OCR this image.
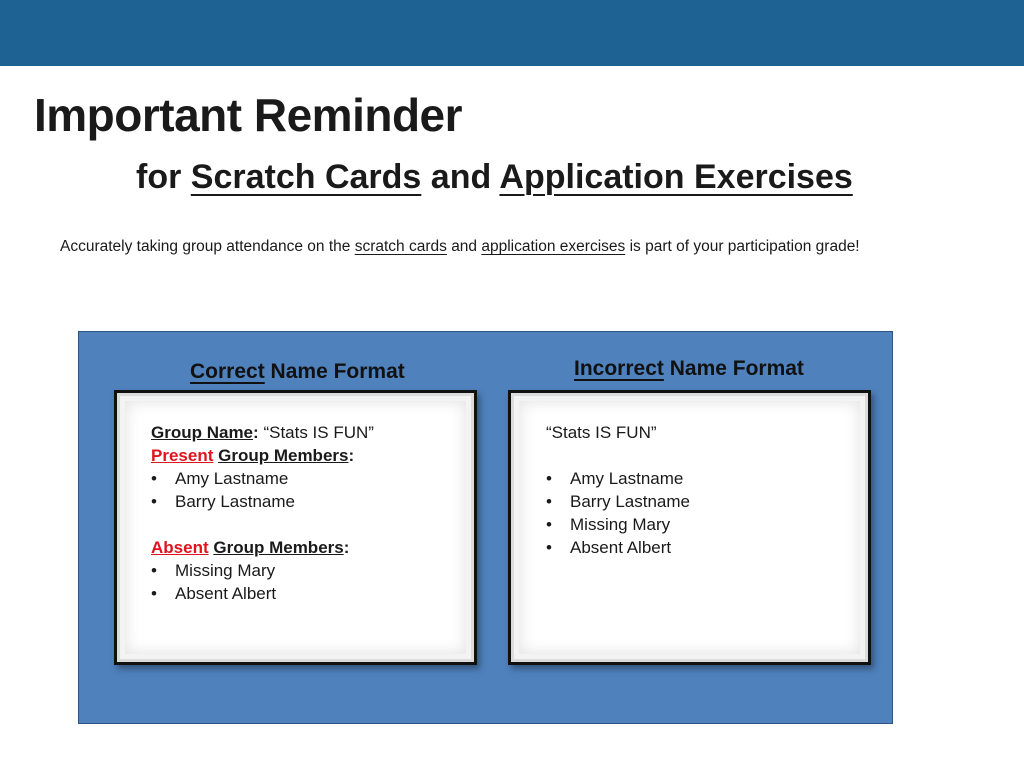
Important Reminder
for Scratch Cards and Application Exercises

Accurately taking group attendance on the scratch cards and application exercises is part of your participation grade!

Correct Name Format	Incorrect Name Format
Group Name: “Stats IS FUN”
Present Group Members:
• Amy Lastname
• Barry Lastname
Absent Group Members:
• Missing Mary
• Absent Albert
“Stats IS FUN”
• Amy Lastname
• Barry Lastname
• Missing Mary
• Absent Albert
